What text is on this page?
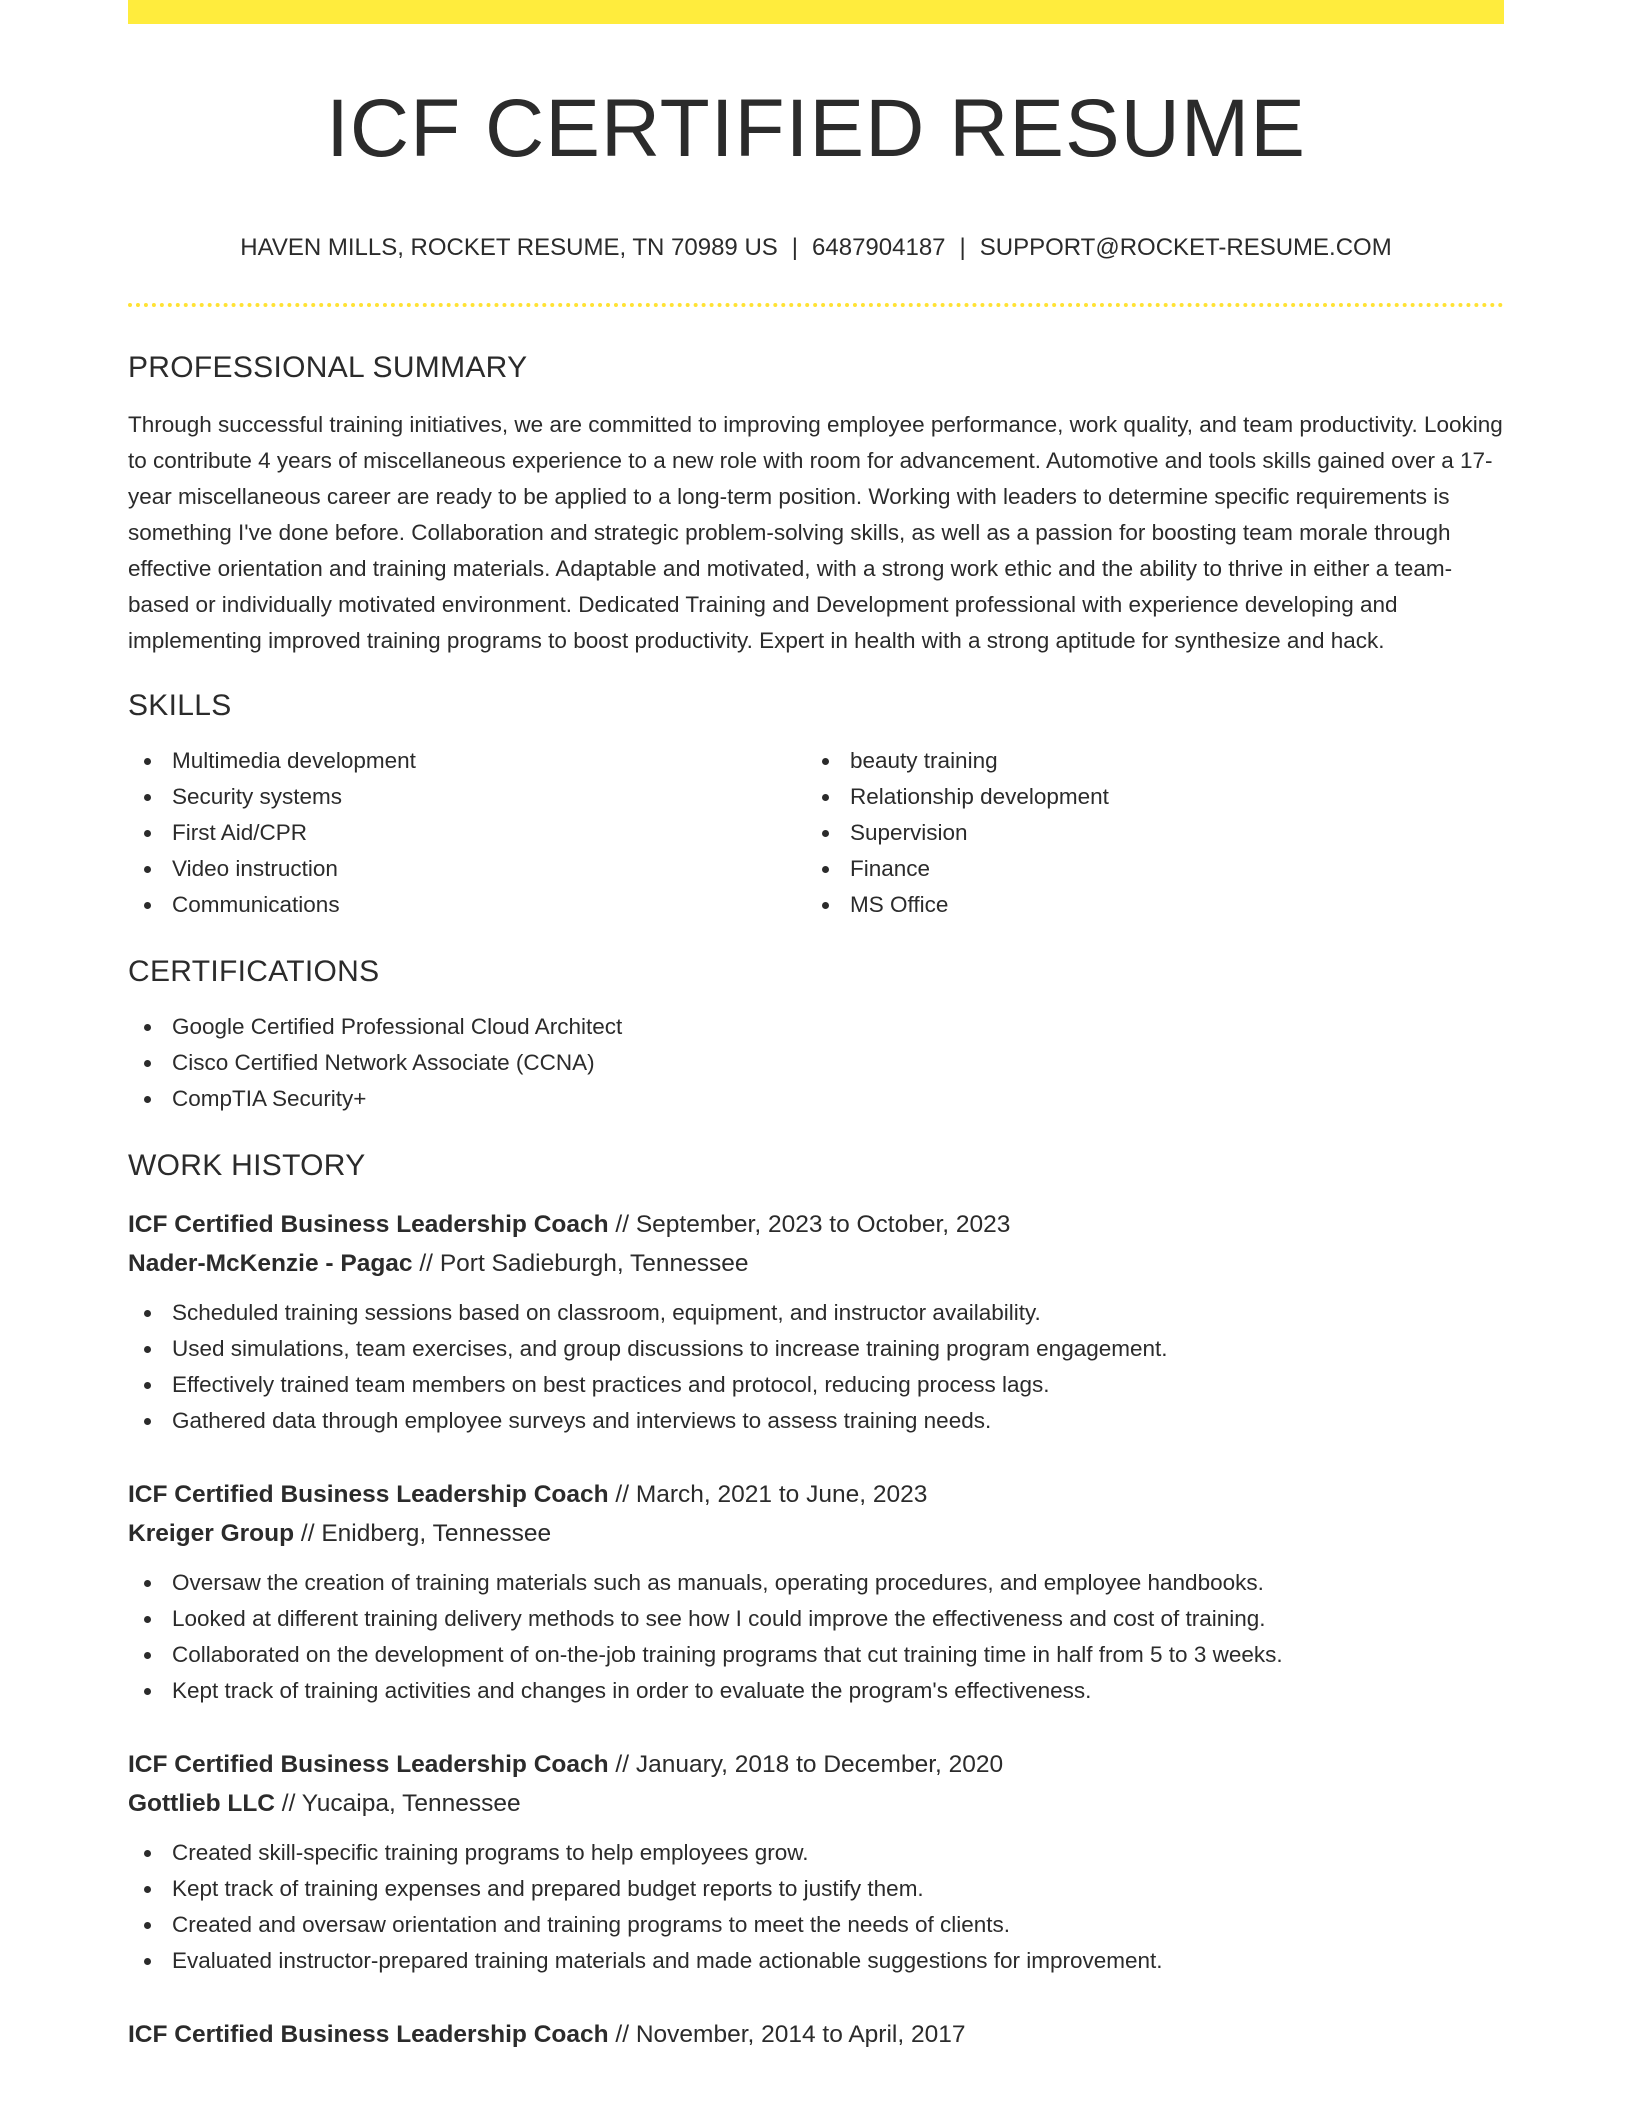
ICF CERTIFIED RESUME
HAVEN MILLS, ROCKET RESUME, TN 70989 US | 6487904187 | SUPPORT@ROCKET-RESUME.COM
PROFESSIONAL SUMMARY

Through successful training initiatives, we are committed to improving employee performance, work quality, and team productivity. Looking to contribute 4 years of miscellaneous experience to a new role with room for advancement. Automotive and tools skills gained over a 17-year miscellaneous career are ready to be applied to a long-term position. Working with leaders to determine specific requirements is something I've done before. Collaboration and strategic problem-solving skills, as well as a passion for boosting team morale through effective orientation and training materials. Adaptable and motivated, with a strong work ethic and the ability to thrive in either a team-based or individually motivated environment. Dedicated Training and Development professional with experience developing and implementing improved training programs to boost productivity. Expert in health with a strong aptitude for synthesize and hack.

SKILLS
Multimedia development
Security systems
First Aid/CPR
Video instruction
Communications
beauty training
Relationship development
Supervision
Finance
MS Office
CERTIFICATIONS
Google Certified Professional Cloud Architect
Cisco Certified Network Associate (CCNA)
CompTIA Security+
WORK HISTORY
ICF Certified Business Leadership Coach // September, 2023 to October, 2023
Nader-McKenzie - Pagac // Port Sadieburgh, Tennessee
Scheduled training sessions based on classroom, equipment, and instructor availability.
Used simulations, team exercises, and group discussions to increase training program engagement.
Effectively trained team members on best practices and protocol, reducing process lags.
Gathered data through employee surveys and interviews to assess training needs.
ICF Certified Business Leadership Coach // March, 2021 to June, 2023
Kreiger Group // Enidberg, Tennessee
Oversaw the creation of training materials such as manuals, operating procedures, and employee handbooks.
Looked at different training delivery methods to see how I could improve the effectiveness and cost of training.
Collaborated on the development of on-the-job training programs that cut training time in half from 5 to 3 weeks.
Kept track of training activities and changes in order to evaluate the program's effectiveness.
ICF Certified Business Leadership Coach // January, 2018 to December, 2020
Gottlieb LLC // Yucaipa, Tennessee
Created skill-specific training programs to help employees grow.
Kept track of training expenses and prepared budget reports to justify them.
Created and oversaw orientation and training programs to meet the needs of clients.
Evaluated instructor-prepared training materials and made actionable suggestions for improvement.
ICF Certified Business Leadership Coach // November, 2014 to April, 2017
